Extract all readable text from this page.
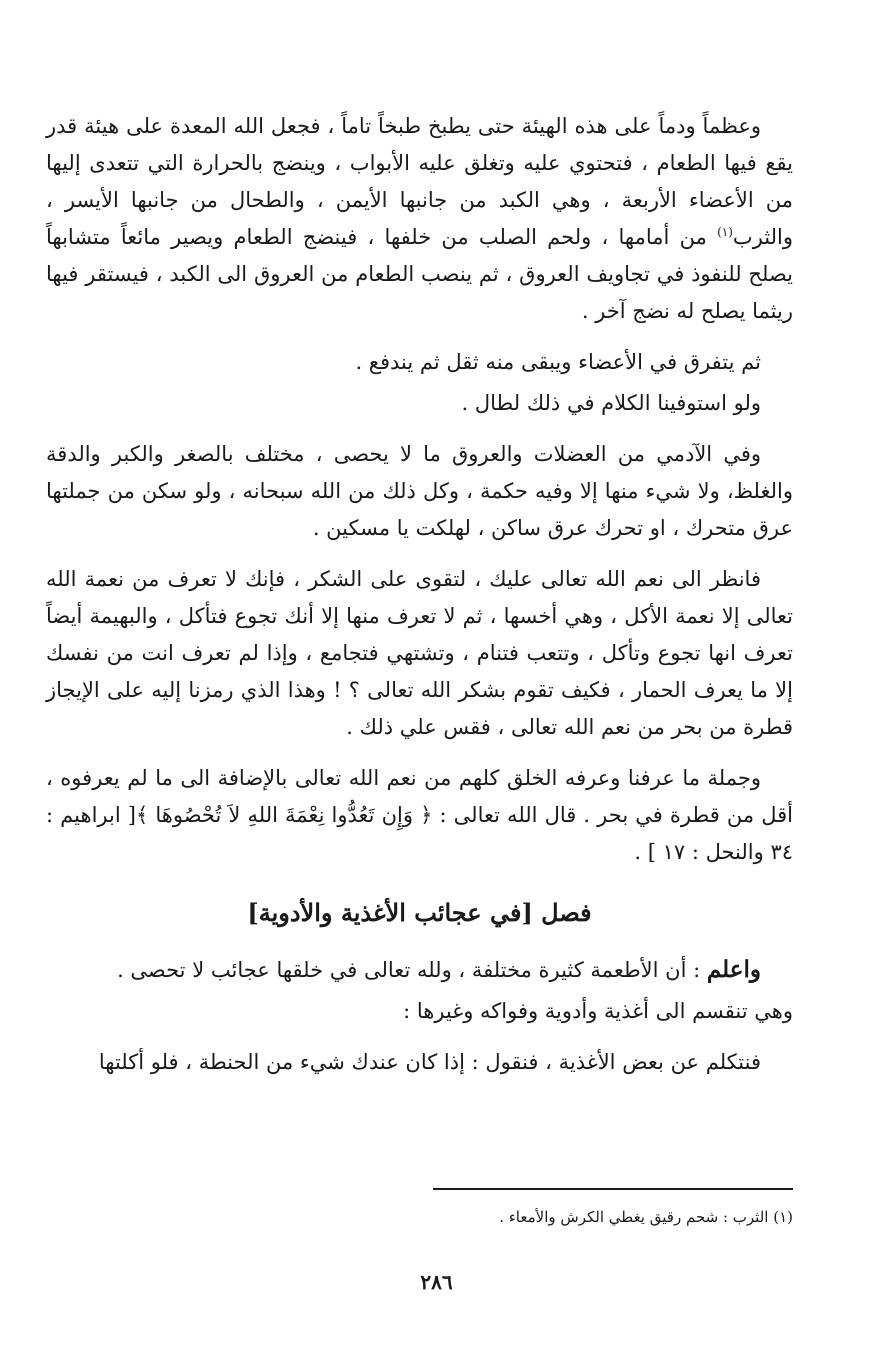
وعظماً ودماً على هذه الهيئة حتى يطبخ طبخاً تاماً ، فجعل الله المعدة على هيئة قدر يقع فيها الطعام ، فتحتوي عليه وتغلق عليه الأبواب ، وينضج بالحرارة التي تتعدى إليها من الأعضاء الأربعة ، وهي الكبد من جانبها الأيمن ، والطحال من جانبها الأيسر ، والثرب$^{(١)}$ من أمامها ، ولحم الصلب من خلفها ، فينضج الطعام ويصير مائعاً متشابهاً يصلح للنفوذ في تجاويف العروق ، ثم ينصب الطعام من العروق الى الكبد ، فيستقر فيها ريثما يصلح له نضج آخر .

ثم يتفرق في الأعضاء ويبقى منه ثقل ثم يندفع .

ولو استوفينا الكلام في ذلك لطال .

وفي الآدمي من العضلات والعروق ما لا يحصى ، مختلف بالصغر والكبر والدقة والغلظ، ولا شيء منها إلا وفيه حكمة ، وكل ذلك من الله سبحانه ، ولو سكن من جملتها عرق متحرك ، او تحرك عرق ساكن ، لهلكت يا مسكين .

فانظر الى نعم الله تعالى عليك ، لتقوى على الشكر ، فإنك لا تعرف من نعمة الله تعالى إلا نعمة الأكل ، وهي أخسها ، ثم لا تعرف منها إلا أنك تجوع فتأكل ، والبهيمة أيضاً تعرف انها تجوع وتأكل ، وتتعب فتنام ، وتشتهي فتجامع ، وإذا لم تعرف انت من نفسك إلا ما يعرف الحمار ، فكيف تقوم بشكر الله تعالى ؟ ! وهذا الذي رمزنا إليه على الإيجاز قطرة من بحر من نعم الله تعالى ، فقس علي ذلك .

وجملة ما عرفنا وعرفه الخلق كلهم من نعم الله تعالى بالإضافة الى ما لم يعرفوه ، أقل من قطرة في بحر . قال الله تعالى : ﴿ وَإِن تَعُدُّوا نِعْمَةَ اللهِ لاَ تُحْصُوهَا ﴾[ ابراهيم : ٣٤ والنحل : ١٧ ] .

فصل [في عجائب الأغذية والأدوية]

واعلم : أن الأطعمة كثيرة مختلفة ، ولله تعالى في خلقها عجائب لا تحصى .

وهي تنقسم الى أغذية وأدوية وفواكه وغيرها :

فنتكلم عن بعض الأغذية ، فنقول : إذا كان عندك شيء من الحنطة ، فلو أكلتها

(١) الثرب : شحم رقيق يغطي الكرش والأمعاء .
٢٨٦
